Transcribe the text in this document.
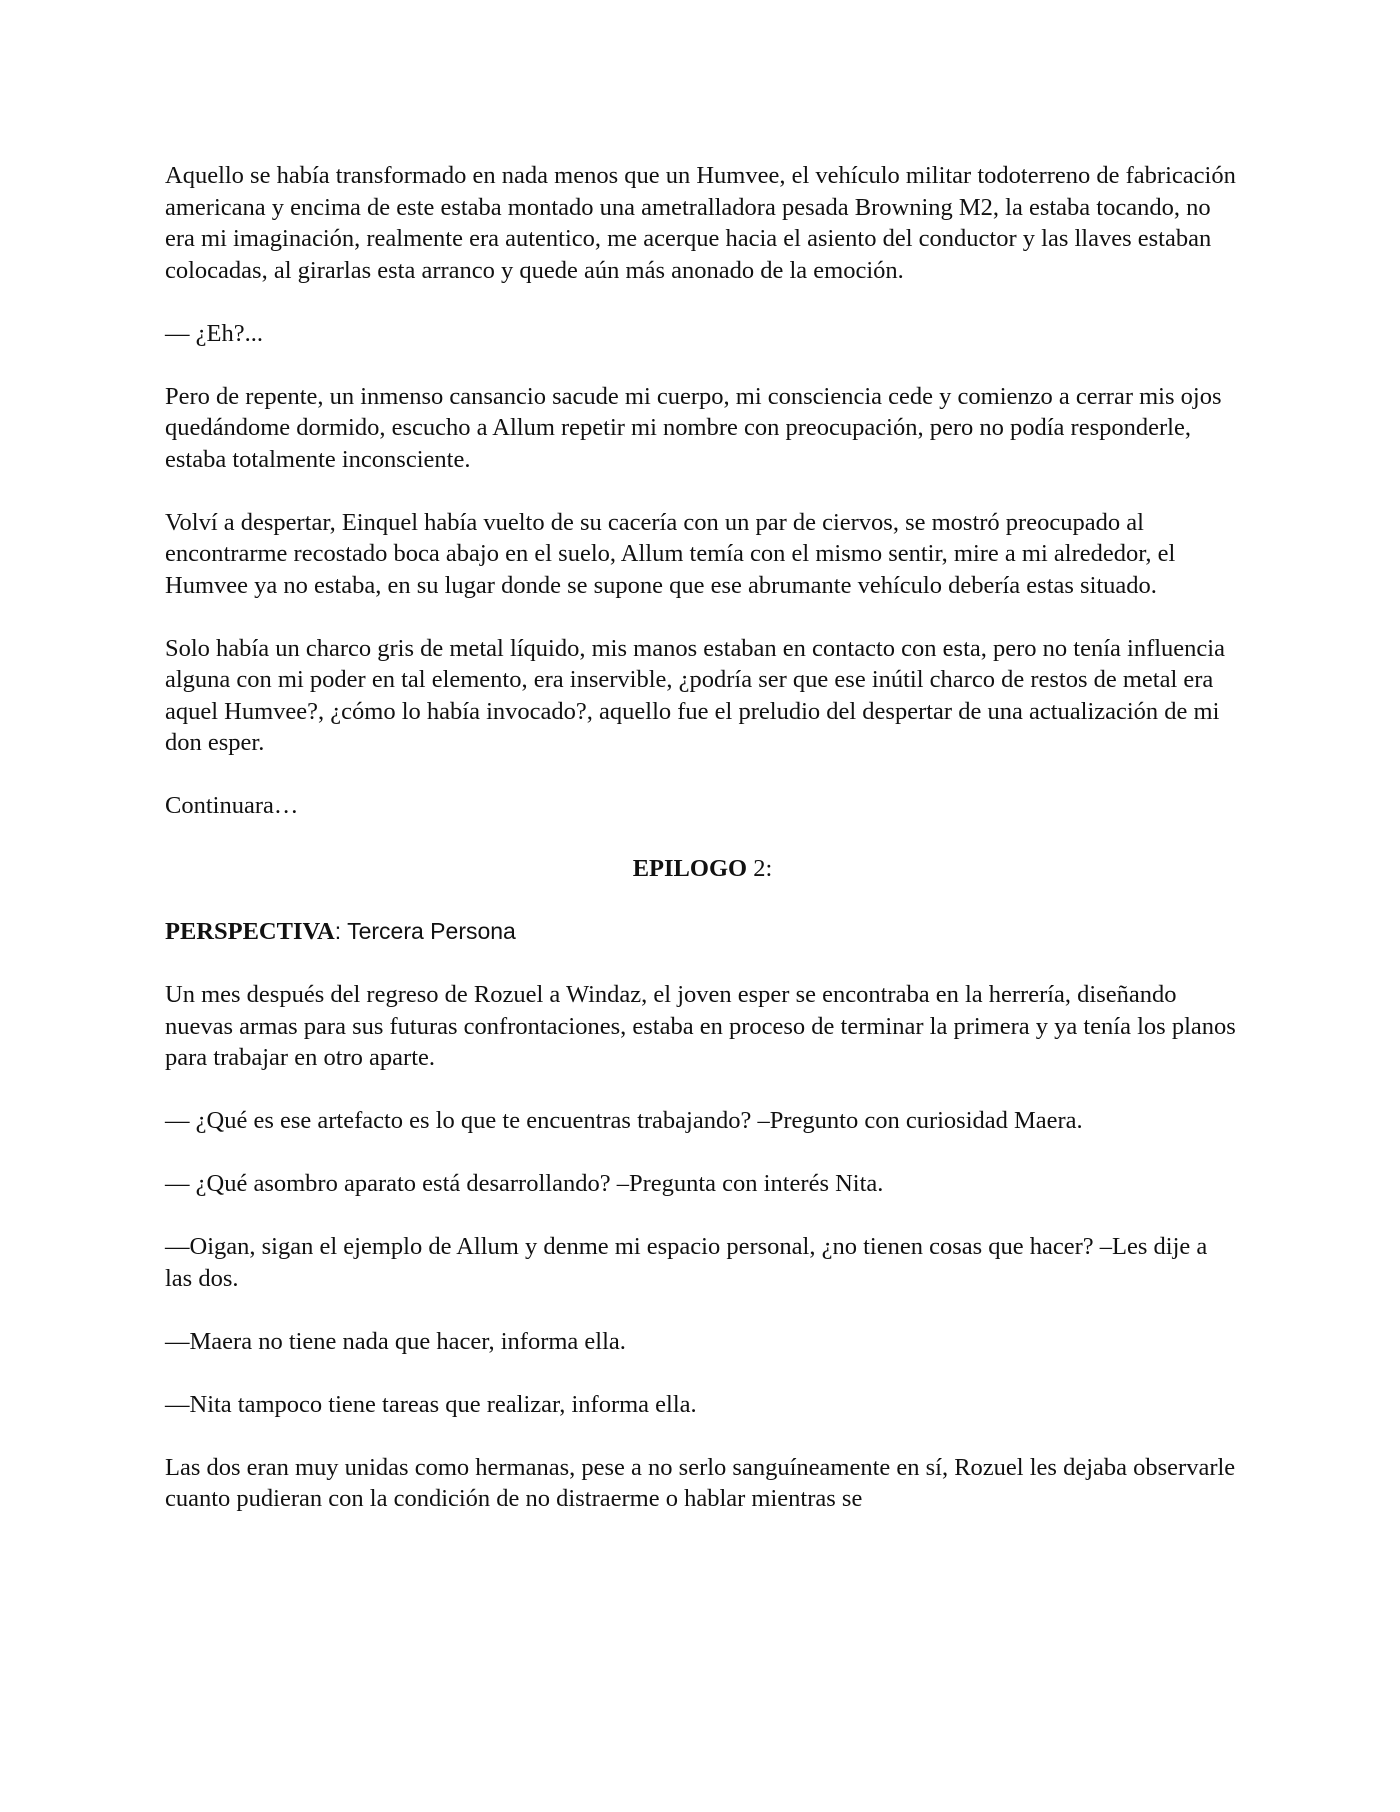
Aquello se había transformado en nada menos que un Humvee, el vehículo militar todoterreno de fabricación americana y encima de este estaba montado una ametralladora pesada Browning M2, la estaba tocando, no era mi imaginación, realmente era autentico, me acerque hacia el asiento del conductor y las llaves estaban colocadas, al girarlas esta arranco y quede aún más anonado de la emoción.

— ¿Eh?...

Pero de repente, un inmenso cansancio sacude mi cuerpo, mi consciencia cede y comienzo a cerrar mis ojos quedándome dormido, escucho a Allum repetir mi nombre con preocupación, pero no podía responderle, estaba totalmente inconsciente.

Volví a despertar, Einquel había vuelto de su cacería con un par de ciervos, se mostró preocupado al encontrarme recostado boca abajo en el suelo, Allum temía con el mismo sentir, mire a mi alrededor, el Humvee ya no estaba, en su lugar donde se supone que ese abrumante vehículo debería estas situado.

Solo había un charco gris de metal líquido, mis manos estaban en contacto con esta, pero no tenía influencia alguna con mi poder en tal elemento, era inservible, ¿podría ser que ese inútil charco de restos de metal era aquel Humvee?, ¿cómo lo había invocado?, aquello fue el preludio del despertar de una actualización de mi don esper.

Continuara…

EPILOGO 2:

PERSPECTIVA: Tercera Persona

Un mes después del regreso de Rozuel a Windaz, el joven esper se encontraba en la herrería, diseñando nuevas armas para sus futuras confrontaciones, estaba en proceso de terminar la primera y ya tenía los planos para trabajar en otro aparte.

— ¿Qué es ese artefacto es lo que te encuentras trabajando? –Pregunto con curiosidad Maera.

— ¿Qué asombro aparato está desarrollando? –Pregunta con interés Nita.

—Oigan, sigan el ejemplo de Allum y denme mi espacio personal, ¿no tienen cosas que hacer? –Les dije a las dos.

—Maera no tiene nada que hacer, informa ella.

—Nita tampoco tiene tareas que realizar, informa ella.

Las dos eran muy unidas como hermanas, pese a no serlo sanguíneamente en sí, Rozuel les dejaba observarle cuanto pudieran con la condición de no distraerme o hablar mientras se
